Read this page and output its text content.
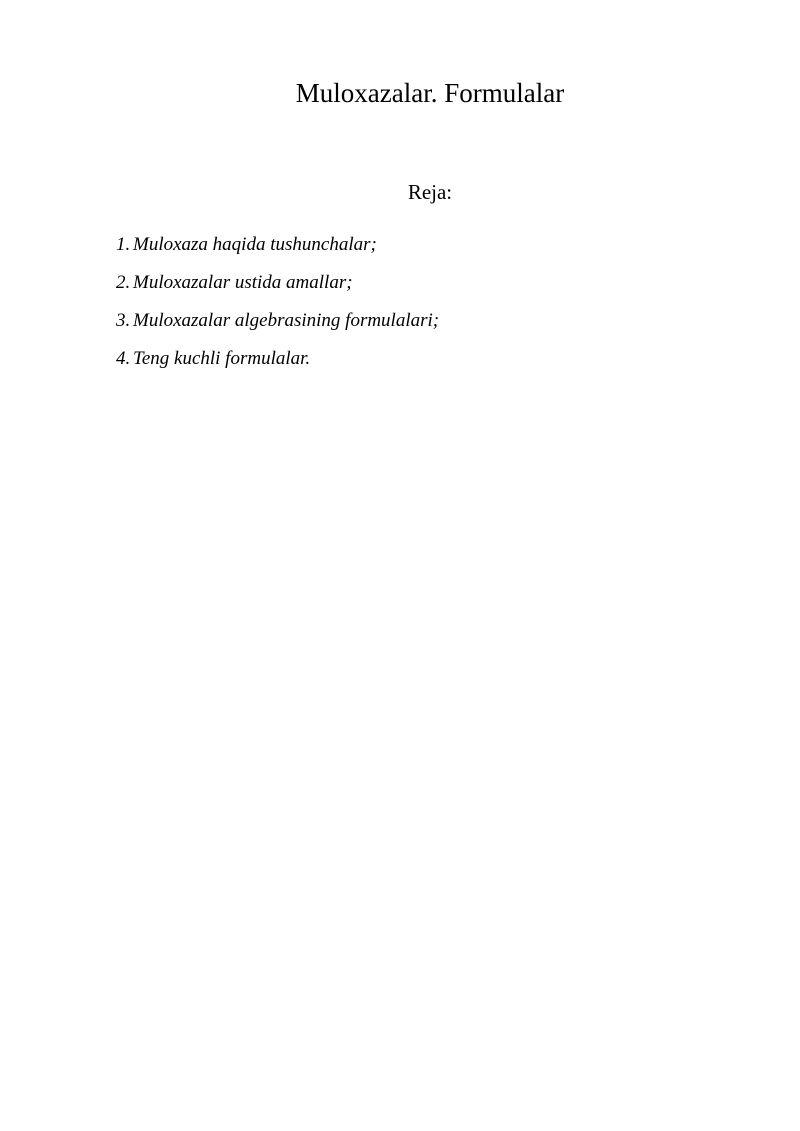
Muloxazalar. Formulalar
Reja:
1. Muloxaza haqida tushunchalar;
2. Muloxazalar ustida amallar;
3. Muloxazalar algebrasining formulalari;
4. Teng kuchli formulalar.
